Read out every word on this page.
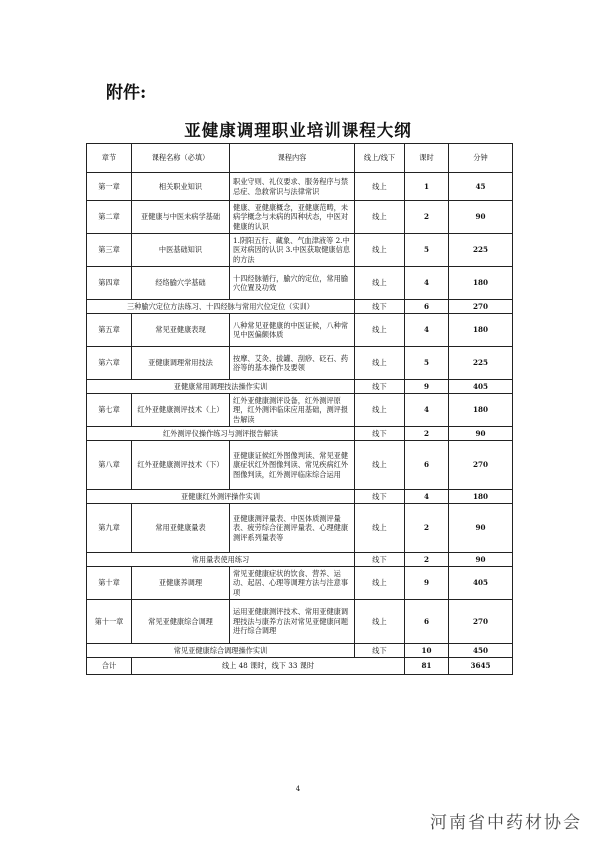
附件:
亚健康调理职业培训课程大纲
章节	课程名称（必填）	课程内容	线上/线下	课时	分钟
第一章	相关职业知识	职业守则、礼仪要求、服务程序与禁忌症、急救常识与法律常识	线上	1	45
第二章	亚健康与中医未病学基础	健康、亚健康概念，亚健康范畴，未病学概念与未病的四种状态，中医对健康的认识	线上	2	90
第三章	中医基础知识	1.阴阳五行、藏象、气血津液等 2.中医对病因的认识 3.中医获取健康信息的方法	线上	5	225
第四章	经络腧穴学基础	十四经脉循行，腧穴的定位，常用腧穴位置及功效	线上	4	180
三种腧穴定位方法练习、十四经脉与常用穴位定位（实训）			线下	6	270
第五章	常见亚健康表现	八种常见亚健康的中医证候，八种常见中医偏颇体质	线上	4	180
第六章	亚健康调理常用技法	按摩、艾灸、拔罐、刮痧、砭石、药浴等的基本操作及要领	线上	5	225
亚健康常用调理技法操作实训			线下	9	405
第七章	红外亚健康测评技术（上）	红外亚健康测评设备，红外测评原理，红外测评临床应用基础，测评报告解读	线上	4	180
红外测评仪操作练习与测评报告解读			线下	2	90
第八章	红外亚健康测评技术（下）	亚健康证候红外图像判读、常见亚健康症状红外图像判读、常见疾病红外图像判读，红外测评临床综合运用	线上	6	270
亚健康红外测评操作实训			线下	4	180
第九章	常用亚健康量表	亚健康测评量表、中医体质测评量表、疲劳综合征测评量表、心理健康测评系列量表等	线上	2	90
常用量表使用练习			线下	2	90
第十章	亚健康养调理	常见亚健康症状的饮食、营养、运动、起居、心理等调理方法与注意事项	线上	9	405
第十一章	常见亚健康综合调理	运用亚健康测评技术、常用亚健康调理技法与康养方法对常见亚健康问题进行综合调理	线上	6	270
常见亚健康综合调理操作实训			线下	10	450
合计	线上 48 课时，线下 33 课时			81	3645
4
河南省中药材协会
